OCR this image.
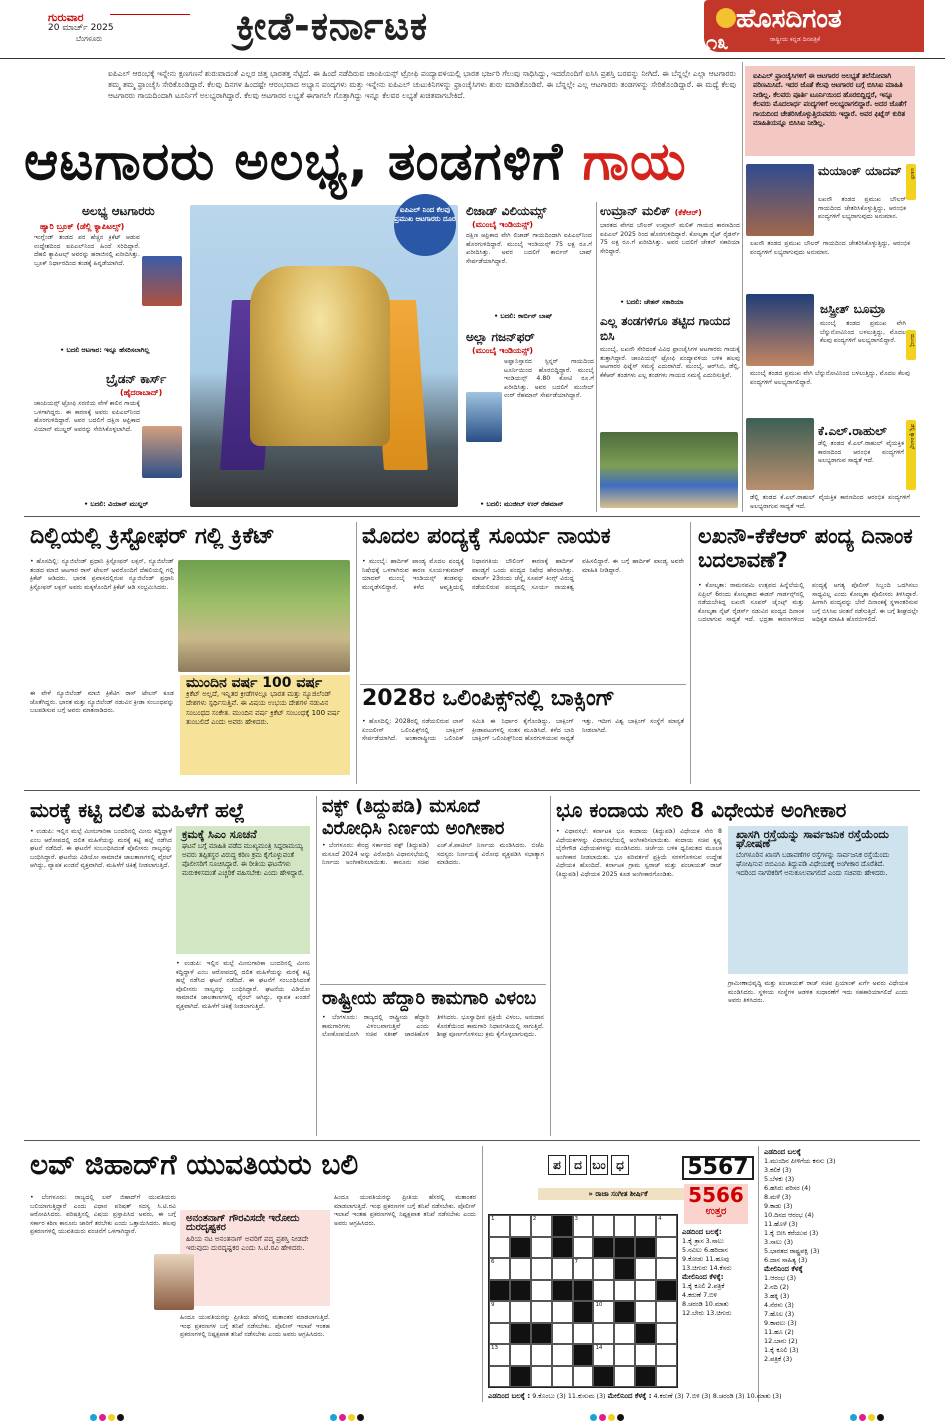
ಗುರುವಾರ
20 ಮಾರ್ಚ್ 2025
ಬೆಂಗಳೂರು	ಕ್ರೀಡೆ-ಕರ್ನಾಟಕ	ಹೊಸದಿಗಂತ
ರಾಷ್ಟ್ರೀಯ ಕನ್ನಡ ದಿನಪತ್ರಿಕೆ
೧೩
ಐಪಿಎಲ್ ಆರಂಭಕ್ಕೆ ಇನ್ನೇನು ಕ್ಷಣಗಣನೆ ಶುರುವಾದಂತೆ ಎಲ್ಲರ ಚಿತ್ತ ಭಾರತತ್ತ ನೆಟ್ಟಿದೆ. ಈ ಹಿಂದೆ ನಡೆದಿರುವ ಚಾಂಪಿಯನ್ಸ್ ಟ್ರೋಫಿ ಪಂದ್ಯಾವಳಿಯಲ್ಲಿ ಭಾರತ ಭರ್ಜರಿ ಗೆಲುವು ಸಾಧಿಸಿದ್ದು, ಇದರೊಂದಿಗೆ ಐಸಿಸಿ ಪ್ರಶಸ್ತಿ ಬರವನ್ನು ನೀಗಿದೆ. ಈ ಬೆನ್ನಲ್ಲೇ ಎಲ್ಲಾ ಆಟಗಾರರು ತಮ್ಮ ತಮ್ಮ ಫ್ರಾಂಚೈಸಿ ಸೇರಿಕೊಂಡಿದ್ದಾರೆ. ಕೆಲವು ದಿನಗಳ ಹಿಂದಷ್ಟೇ ಆರಂಭವಾದ ಅಭ್ಯಾಸ ಪಂದ್ಯಗಳು ಮತ್ತು ಇನ್ನೇನು ಐಪಿಎಲ್ ಚುಟುಕಿನಿಗಳನ್ನು ಫ್ರಾಂಚೈಸಿಗಳು ಶುರು ಮಾಡಿಕೊಂಡಿವೆ. ಈ ಬೆನ್ನಲ್ಲೇ ಎಲ್ಲ ಆಟಗಾರರು ತಂಡಗಳನ್ನು ಸೇರಿಕೊಂಡಿದ್ದಾರೆ. ಈ ಮಧ್ಯೆ ಕೆಲವು ಆಟಗಾರರು ಗಾಯದಿಂದಾಗಿ ಟೂರ್ನಿಗೆ ಅಲಭ್ಯರಾಗಿದ್ದಾರೆ. ಕೆಲವು ಆಟಗಾರರ ಲಭ್ಯತೆ ಈಗಾಗಲೇ ಗೊತ್ತಾಗಿದ್ದು ಇನ್ನೂ ಕೆಲವರ ಲಭ್ಯತೆ ಖಚಿತವಾಗಬೇಕಿದೆ.
ಐಪಿಎಲ್ ಫ್ರಾಂಚೈಸಿಗಳಿಗೆ ಈ ಆಟಗಾರರ ಅಲಭ್ಯತೆ ತಲೆನೋವಾಗಿ ಪರಿಣಮಿಸಿದೆ. ಇದರ ಜೊತೆ ಕೆಲವು ಆಟಗಾರರ ಬಗ್ಗೆ ಬಿಸಿಸಿಐ ಮಾಹಿತಿ ನೀಡಿಲ್ಲ. ಕೆಲವರು ಪೂರ್ತಿ ಟೂರ್ನಿಯಿಂದ ಹೊರಬಿದ್ದಿದ್ದರೆ, ಇನ್ನೂ ಕೆಲವರು ಮೊದಲಾರ್ಧ ಪಂದ್ಯಗಳಿಗೆ ಅಲಭ್ಯರಾಗಲಿದ್ದಾರೆ. ಅದರ ಜೊತೆಗೆ ಗಾಯದಿಂದ ಚೇತರಿಸಿಕೊಳ್ಳುತ್ತಿರುವವರು ಇದ್ದಾರೆ. ಅವರ ಫಿಟ್ನೆಸ್ ಕುರಿತ ಮಾಹಿತಿಯನ್ನೂ ಬಿಸಿಸಿಐ ನೀಡಿಲ್ಲ.
ಆಟಗಾರರು ಅಲಭ್ಯ, ತಂಡಗಳಿಗೆ ಗಾಯ
ಅಲಭ್ಯ ಆಟಗಾರರು
ಹ್ಯಾರಿ ಬ್ರೂಕ್ (ಡೆಲ್ಲಿ ಕ್ಯಾಪಿಟಲ್ಸ್)
ಇಂಗ್ಲೆಂಡ್ ತಂಡದ ಪರ ಹೆಚ್ಚಿನ ಕ್ರಿಕೆಟ್ ಆಡುವ ಉದ್ದೇಶದಿಂದ ಐಪಿಎಲ್‌ನಿಂದ ಹಿಂದೆ ಸರಿದಿದ್ದಾರೆ. ದೆಹಲಿ ಕ್ಯಾಪಿಟಲ್ಸ್ ಅವರನ್ನು ಹರಾಜಿನಲ್ಲಿ ಖರೀದಿಸಿತ್ತು. ಬ್ರೂಕ್ ನಿರ್ಧಾರದಿಂದ ತಂಡಕ್ಕೆ ಹಿನ್ನಡೆಯಾಗಿದೆ.
• ಬದಲಿ ಆಟಗಾರ: ಇನ್ನೂ ಹೆಸರಿಸಲಾಗಿಲ್ಲ
ಬ್ರೈಡನ್ ಕಾರ್ಸ್
(ಹೈದರಾಬಾದ್)
ಚಾಂಪಿಯನ್ಸ್ ಟ್ರೋಫಿ ಸರಣಿಯ ವೇಳೆ ಕಾಲಿನ ಗಾಯಕ್ಕೆ ಒಳಗಾಗಿದ್ದರು. ಈ ಕಾರಣಕ್ಕೆ ಅವರು ಐಪಿಎಲ್‌ನಿಂದ ಹೊರಗುಳಿದಿದ್ದಾರೆ. ಅವರ ಬದಲಿಗೆ ದಕ್ಷಿಣ ಆಫ್ರಿಕಾದ ವಿಯಾನ್ ಮುಲ್ಡರ್ ಅವರನ್ನು ಸೇರಿಸಿಕೊಳ್ಳಲಾಗಿದೆ.
• ಬದಲಿ: ವಿಯಾನ್ ಮುಲ್ಡರ್
ಐಪಿಎಲ್ ನಿಂದ ಕೆಲವು ಪ್ರಮುಖ ಆಟಗಾರರು ದೂರ
ಲಿಜಾಡ್ ವಿಲಿಯಮ್ಸ್
(ಮುಂಬೈ ಇಂಡಿಯನ್ಸ್)
ದಕ್ಷಿಣ ಆಫ್ರಿಕಾದ ವೇಗಿ ಲಿಜಾಡ್ ಗಾಯದಿಂದಾಗಿ ಐಪಿಎಲ್‌ನಿಂದ ಹೊರಗುಳಿದಿದ್ದಾರೆ. ಮುಂಬೈ ಇಂಡಿಯನ್ಸ್ 75 ಲಕ್ಷ ರೂ.ಗೆ ಖರೀದಿಸಿತ್ತು. ಅವರ ಬದಲಿಗೆ ಕಾರ್ಬಿನ್ ಬಾಷ್ ಸೇರ್ಪಡೆಯಾಗಿದ್ದಾರೆ.
• ಬದಲಿ: ಕಾರ್ಬಿನ್ ಬಾಷ್
ಅಲ್ಲಾ ಗಜನ್‌ಫರ್
(ಮುಂಬೈ ಇಂಡಿಯನ್ಸ್)
ಅಫ್ಘಾನಿಸ್ತಾನದ ಸ್ಪಿನ್ನರ್ ಗಾಯದಿಂದ ಟೂರ್ನಿಯಿಂದ ಹೊರಬಿದ್ದಿದ್ದಾರೆ. ಮುಂಬೈ ಇಂಡಿಯನ್ಸ್ 4.80 ಕೋಟಿ ರೂ.ಗೆ ಖರೀದಿಸಿತ್ತು. ಅವರ ಬದಲಿಗೆ ಮುಜೀಬ್ ಉರ್ ರೆಹಮಾನ್ ಸೇರ್ಪಡೆಯಾಗಿದ್ದಾರೆ.
• ಬದಲಿ: ಮುಜೀಬ್ ಉರ್ ರೆಹಮಾನ್
ಉಮ್ರಾನ್ ಮಲಿಕ್ (ಕೆಕೆಆರ್)
ಭಾರತದ ವೇಗದ ಬೌಲರ್ ಉಮ್ರಾನ್ ಮಲಿಕ್ ಗಾಯದ ಕಾರಣದಿಂದ ಐಪಿಎಲ್ 2025 ರಿಂದ ಹೊರಗುಳಿದಿದ್ದಾರೆ. ಕೋಲ್ಕತಾ ನೈಟ್ ರೈಡರ್ಸ್ 75 ಲಕ್ಷ ರೂ.ಗೆ ಖರೀದಿಸಿತ್ತು. ಅವರ ಬದಲಿಗೆ ಚೇತನ್ ಸಕಾರಿಯಾ ಸೇರಿದ್ದಾರೆ.
• ಬದಲಿ: ಚೇತನ್ ಸಕಾರಿಯಾ
ಎಲ್ಲ ತಂಡಗಳಿಗೂ ತಟ್ಟಿದ ಗಾಯದ ಬಿಸಿ
ಮುಂಬೈ, ಲಖನೌ ಸೇರಿದಂತೆ ವಿವಿಧ ಫ್ರಾಂಚೈಸಿಗಳ ಆಟಗಾರರು ಗಾಯಕ್ಕೆ ತುತ್ತಾಗಿದ್ದಾರೆ. ಚಾಂಪಿಯನ್ಸ್ ಟ್ರೋಫಿ ಪಂದ್ಯಾವಳಿಯ ಬಳಿಕ ಹಲವು ಆಟಗಾರರ ಫಿಟ್ನೆಸ್ ಸಮಸ್ಯೆ ಎದುರಾಗಿದೆ. ಮುಂಬೈ, ಆರ್‌ಸಿಬಿ, ಡೆಲ್ಲಿ, ಕೆಕೆಆರ್ ತಂಡಗಳು ಎಲ್ಲ ತಂಡಗಳು ಗಾಯದ ಸಮಸ್ಯೆ ಎದುರಿಸುತ್ತಿವೆ.
ಮಯಾಂಕ್ ಯಾದವ್	ಲಖನೌ
ಲಖನೌ ತಂಡದ ಪ್ರಮುಖ ಬೌಲರ್ ಗಾಯದಿಂದ ಚೇತರಿಸಿಕೊಳ್ಳುತ್ತಿದ್ದು, ಆರಂಭಿಕ ಪಂದ್ಯಗಳಿಗೆ ಲಭ್ಯರಾಗುವುದು ಅನುಮಾನ.
ಲಖನೌ ತಂಡದ ಪ್ರಮುಖ ಬೌಲರ್ ಗಾಯದಿಂದ ಚೇತರಿಸಿಕೊಳ್ಳುತ್ತಿದ್ದು, ಆರಂಭಿಕ ಪಂದ್ಯಗಳಿಗೆ ಲಭ್ಯರಾಗುವುದು ಅನುಮಾನ.
ಜಸ್ಪ್ರೀತ್ ಬೂಮ್ರಾ
ಮುಂಬೈ
ಮುಂಬೈ ತಂಡದ ಪ್ರಮುಖ ವೇಗಿ ಬೆನ್ನುನೋವಿನಿಂದ ಬಳಲುತ್ತಿದ್ದು, ಮೊದಲ ಕೆಲವು ಪಂದ್ಯಗಳಿಗೆ ಅಲಭ್ಯರಾಗಲಿದ್ದಾರೆ.
ಮುಂಬೈ ತಂಡದ ಪ್ರಮುಖ ವೇಗಿ ಬೆನ್ನುನೋವಿನಿಂದ ಬಳಲುತ್ತಿದ್ದು, ಮೊದಲ ಕೆಲವು ಪಂದ್ಯಗಳಿಗೆ ಅಲಭ್ಯರಾಗಲಿದ್ದಾರೆ.
ಕೆ.ಎಲ್.ರಾಹುಲ್	ಡೆಲ್ಲಿ ಕ್ಯಾಪಿಟಲ್ಸ್
ಡೆಲ್ಲಿ ತಂಡದ ಕೆ.ಎಲ್.ರಾಹುಲ್ ವೈಯಕ್ತಿಕ ಕಾರಣದಿಂದ ಆರಂಭಿಕ ಪಂದ್ಯಗಳಿಗೆ ಅಲಭ್ಯರಾಗುವ ಸಾಧ್ಯತೆ ಇದೆ.
ಡೆಲ್ಲಿ ತಂಡದ ಕೆ.ಎಲ್.ರಾಹುಲ್ ವೈಯಕ್ತಿಕ ಕಾರಣದಿಂದ ಆರಂಭಿಕ ಪಂದ್ಯಗಳಿಗೆ ಅಲಭ್ಯರಾಗುವ ಸಾಧ್ಯತೆ ಇದೆ.
ದಿಲ್ಲಿಯಲ್ಲಿ ಕ್ರಿಸ್ಟೋಫರ್ ಗಲ್ಲಿ ಕ್ರಿಕೆಟ್
• ಹೊಸದಿಲ್ಲಿ: ನ್ಯೂಜಿಲೆಂಡ್ ಪ್ರಧಾನಿ ಕ್ರಿಸ್ಟೋಫರ್ ಲಕ್ಸನ್, ನ್ಯೂಜಿಲೆಂಡ್ ತಂಡದ ಮಾಜಿ ಆಟಗಾರ ರಾಸ್ ಟೇಲರ್ ಅವರೊಂದಿಗೆ ದೆಹಲಿಯಲ್ಲಿ ಗಲ್ಲಿ ಕ್ರಿಕೆಟ್ ಆಡಿದರು. ಭಾರತ ಪ್ರವಾಸದಲ್ಲಿರುವ ನ್ಯೂಜಿಲೆಂಡ್ ಪ್ರಧಾನಿ ಕ್ರಿಸ್ಟೋಫರ್ ಲಕ್ಸನ್ ಅವರು ಮಕ್ಕಳೊಂದಿಗೆ ಕ್ರಿಕೆಟ್ ಆಡಿ ಸಂಭ್ರಮಿಸಿದರು.
ಮುಂದಿನ ವರ್ಷ 100 ವರ್ಷ
ಕ್ರಿಕೆಟ್ ಅಲ್ಲದೆ, ಇನ್ನಿತರ ಕ್ರೀಡೆಗಳಲ್ಲೂ ಭಾರತ ಮತ್ತು ನ್ಯೂಜಿಲೆಂಡ್ ದೇಶಗಳು ಸ್ಪರ್ಧಿಸುತ್ತಿವೆ. ಈ ವಿಷಯ ಉಭಯ ದೇಶಗಳ ನಡುವಿನ ಸಂಬಂಧದ ಸಂಕೇತ. ಮುಂದಿನ ವರ್ಷ ಕ್ರಿಕೆಟ್ ಸಂಬಂಧಕ್ಕೆ 100 ವರ್ಷ ತುಂಬಲಿದೆ ಎಂದು ಅವರು ಹೇಳಿದರು.
ಈ ವೇಳೆ ನ್ಯೂಜಿಲೆಂಡ್ ಮಾಜಿ ಕ್ರಿಕೆಟಿಗ ರಾಸ್ ಟೇಲರ್ ಕೂಡ ಜೊತೆಗಿದ್ದರು. ಭಾರತ ಮತ್ತು ನ್ಯೂಜಿಲೆಂಡ್ ನಡುವಿನ ಕ್ರೀಡಾ ಸಂಬಂಧವನ್ನು ಬಲಪಡಿಸುವ ಬಗ್ಗೆ ಅವರು ಮಾತನಾಡಿದರು.
ಮೊದಲ ಪಂದ್ಯಕ್ಕೆ ಸೂರ್ಯ ನಾಯಕ
• ಮುಂಬೈ: ಹಾರ್ದಿಕ್ ಪಾಂಡ್ಯ ಮೊದಲ ಪಂದ್ಯಕ್ಕೆ ನಿಷೇಧಕ್ಕೆ ಒಳಗಾಗಿರುವ ಕಾರಣ ಸೂರ್ಯಕುಮಾರ್ ಯಾದವ್ ಮುಂಬೈ ಇಂಡಿಯನ್ಸ್ ತಂಡವನ್ನು ಮುನ್ನಡೆಸಲಿದ್ದಾರೆ. ಕಳೆದ ಆವೃತ್ತಿಯಲ್ಲಿ ನಿಧಾನಗತಿಯ ಬೌಲಿಂಗ್ ಕಾರಣಕ್ಕೆ ಹಾರ್ದಿಕ್ ಪಾಂಡ್ಯಗೆ ಒಂದು ಪಂದ್ಯದ ನಿಷೇಧ ಹೇರಲಾಗಿತ್ತು. ಮಾರ್ಚ್ 23ರಂದು ಚೆನ್ನೈ ಸೂಪರ್ ಕಿಂಗ್ಸ್ ವಿರುದ್ಧ ನಡೆಯಲಿರುವ ಪಂದ್ಯದಲ್ಲಿ ಸೂರ್ಯ ನಾಯಕತ್ವ ವಹಿಸಲಿದ್ದಾರೆ. ಈ ಬಗ್ಗೆ ಹಾರ್ದಿಕ್ ಪಾಂಡ್ಯ ಅವರೇ ಮಾಹಿತಿ ನೀಡಿದ್ದಾರೆ.
2028ರ ಒಲಿಂಪಿಕ್ಸ್‌ನಲ್ಲಿ ಬಾಕ್ಸಿಂಗ್
• ಹೊಸದಿಲ್ಲಿ: 2028ರಲ್ಲಿ ನಡೆಯಲಿರುವ ಲಾಸ್ ಏಂಜಲೀಸ್ ಒಲಿಂಪಿಕ್ಸ್‌ನಲ್ಲಿ ಬಾಕ್ಸಿಂಗ್ ಸೇರ್ಪಡೆಯಾಗಿದೆ. ಅಂತಾರಾಷ್ಟ್ರೀಯ ಒಲಿಂಪಿಕ್ ಸಮಿತಿ ಈ ನಿರ್ಧಾರ ಕೈಗೊಂಡಿದ್ದು, ಬಾಕ್ಸಿಂಗ್ ಕ್ರೀಡಾಪಟುಗಳಲ್ಲಿ ಸಂತಸ ಮೂಡಿಸಿದೆ. ಕಳೆದ ಬಾರಿ ಬಾಕ್ಸಿಂಗ್ ಒಲಿಂಪಿಕ್ಸ್‌ನಿಂದ ಹೊರಗುಳಿಯುವ ಸಾಧ್ಯತೆ ಇತ್ತು. ಇದೀಗ ವಿಶ್ವ ಬಾಕ್ಸಿಂಗ್ ಸಂಸ್ಥೆಗೆ ಮಾನ್ಯತೆ ನೀಡಲಾಗಿದೆ.
ಲಖನೌ-ಕೆಕೆಆರ್ ಪಂದ್ಯ ದಿನಾಂಕ ಬದಲಾವಣೆ?
• ಕೋಲ್ಕತಾ: ರಾಮನವಮಿ ಉತ್ಸವದ ಹಿನ್ನೆಲೆಯಲ್ಲಿ ಏಪ್ರಿಲ್ 6ರಂದು ಕೋಲ್ಕತಾದ ಈಡನ್ ಗಾರ್ಡನ್ಸ್‌ನಲ್ಲಿ ನಡೆಯಬೇಕಿದ್ದ ಲಖನೌ ಸೂಪರ್ ಜೈಂಟ್ಸ್ ಮತ್ತು ಕೋಲ್ಕತಾ ನೈಟ್ ರೈಡರ್ಸ್ ನಡುವಿನ ಪಂದ್ಯದ ದಿನಾಂಕ ಬದಲಾಗುವ ಸಾಧ್ಯತೆ ಇದೆ. ಭದ್ರತಾ ಕಾರಣಗಳಿಂದ ಪಂದ್ಯಕ್ಕೆ ಅಗತ್ಯ ಪೊಲೀಸ್ ಸಿಬ್ಬಂದಿ ಒದಗಿಸಲು ಸಾಧ್ಯವಿಲ್ಲ ಎಂದು ಕೋಲ್ಕತಾ ಪೊಲೀಸರು ತಿಳಿಸಿದ್ದಾರೆ. ಹೀಗಾಗಿ ಪಂದ್ಯವನ್ನು ಬೇರೆ ದಿನಾಂಕಕ್ಕೆ ಸ್ಥಳಾಂತರಿಸುವ ಬಗ್ಗೆ ಬಿಸಿಸಿಐ ಚಿಂತನೆ ನಡೆಸುತ್ತಿದೆ. ಈ ಬಗ್ಗೆ ಶೀಘ್ರದಲ್ಲೇ ಅಧಿಕೃತ ಮಾಹಿತಿ ಹೊರಬೀಳಲಿದೆ.
ಮರಕ್ಕೆ ಕಟ್ಟಿ ದಲಿತ ಮಹಿಳೆಗೆ ಹಲ್ಲೆ
• ಉಡುಪಿ: ಇಲ್ಲಿನ ಮಲ್ಪೆ ಮೀನುಗಾರಿಕಾ ಬಂದರಿನಲ್ಲಿ ಮೀನು ಕದ್ದಿದ್ದಾಳೆ ಎಂಬ ಆರೋಪದಲ್ಲಿ ದಲಿತ ಮಹಿಳೆಯನ್ನು ಮರಕ್ಕೆ ಕಟ್ಟಿ ಹಲ್ಲೆ ನಡೆಸಿದ ಘಟನೆ ನಡೆದಿದೆ. ಈ ಘಟನೆಗೆ ಸಂಬಂಧಿಸಿದಂತೆ ಪೊಲೀಸರು ನಾಲ್ವರನ್ನು ಬಂಧಿಸಿದ್ದಾರೆ. ಘಟನೆಯ ವಿಡಿಯೋ ಸಾಮಾಜಿಕ ಜಾಲತಾಣಗಳಲ್ಲಿ ವೈರಲ್ ಆಗಿದ್ದು, ವ್ಯಾಪಕ ಖಂಡನೆ ವ್ಯಕ್ತವಾಗಿದೆ. ಮಹಿಳೆಗೆ ಚಿಕಿತ್ಸೆ ನೀಡಲಾಗುತ್ತಿದೆ.
ಕ್ರಮಕ್ಕೆ ಸಿಎಂ ಸೂಚನೆ
ಘಟನೆ ಬಗ್ಗೆ ಮಾಹಿತಿ ಪಡೆದ ಮುಖ್ಯಮಂತ್ರಿ ಸಿದ್ದರಾಮಯ್ಯ ಅವರು ತಪ್ಪಿತಸ್ಥರ ವಿರುದ್ಧ ಕಠಿಣ ಕ್ರಮ ಕೈಗೊಳ್ಳುವಂತೆ ಪೊಲೀಸರಿಗೆ ಸೂಚಿಸಿದ್ದಾರೆ. ಈ ರೀತಿಯ ಘಟನೆಗಳು ಮರುಕಳಿಸದಂತೆ ಎಚ್ಚರಿಕೆ ವಹಿಸಬೇಕು ಎಂದು ಹೇಳಿದ್ದಾರೆ.
• ಉಡುಪಿ: ಇಲ್ಲಿನ ಮಲ್ಪೆ ಮೀನುಗಾರಿಕಾ ಬಂದರಿನಲ್ಲಿ ಮೀನು ಕದ್ದಿದ್ದಾಳೆ ಎಂಬ ಆರೋಪದಲ್ಲಿ ದಲಿತ ಮಹಿಳೆಯನ್ನು ಮರಕ್ಕೆ ಕಟ್ಟಿ ಹಲ್ಲೆ ನಡೆಸಿದ ಘಟನೆ ನಡೆದಿದೆ. ಈ ಘಟನೆಗೆ ಸಂಬಂಧಿಸಿದಂತೆ ಪೊಲೀಸರು ನಾಲ್ವರನ್ನು ಬಂಧಿಸಿದ್ದಾರೆ. ಘಟನೆಯ ವಿಡಿಯೋ ಸಾಮಾಜಿಕ ಜಾಲತಾಣಗಳಲ್ಲಿ ವೈರಲ್ ಆಗಿದ್ದು, ವ್ಯಾಪಕ ಖಂಡನೆ ವ್ಯಕ್ತವಾಗಿದೆ. ಮಹಿಳೆಗೆ ಚಿಕಿತ್ಸೆ ನೀಡಲಾಗುತ್ತಿದೆ.
ವಕ್ಫ್ (ತಿದ್ದುಪಡಿ) ಮಸೂದೆ ವಿರೋಧಿಸಿ ನಿರ್ಣಯ ಅಂಗೀಕಾರ
• ಬೆಂಗಳೂರು: ಕೇಂದ್ರ ಸರ್ಕಾರದ ವಕ್ಫ್ (ತಿದ್ದುಪಡಿ) ಮಸೂದೆ 2024 ಅನ್ನು ವಿರೋಧಿಸಿ ವಿಧಾನಸಭೆಯಲ್ಲಿ ನಿರ್ಣಯ ಅಂಗೀಕರಿಸಲಾಯಿತು. ಕಾನೂನು ಸಚಿವ ಎಚ್.ಕೆ.ಪಾಟೀಲ್ ನಿರ್ಣಯ ಮಂಡಿಸಿದರು. ಬಿಜೆಪಿ ಸದಸ್ಯರು ನಿರ್ಣಯಕ್ಕೆ ವಿರೋಧ ವ್ಯಕ್ತಪಡಿಸಿ ಸಭಾತ್ಯಾಗ ಮಾಡಿದರು.
ರಾಷ್ಟ್ರೀಯ ಹೆದ್ದಾರಿ ಕಾಮಗಾರಿ ವಿಳಂಬ
• ಬೆಂಗಳೂರು: ರಾಜ್ಯದಲ್ಲಿ ರಾಷ್ಟ್ರೀಯ ಹೆದ್ದಾರಿ ಕಾಮಗಾರಿಗಳು ವಿಳಂಬವಾಗುತ್ತಿವೆ ಎಂದು ಲೋಕೋಪಯೋಗಿ ಸಚಿವ ಸತೀಶ್ ಜಾರಕಿಹೊಳಿ ತಿಳಿಸಿದರು. ಭೂಸ್ವಾಧೀನ ಪ್ರಕ್ರಿಯೆ ವಿಳಂಬ, ಅನುದಾನ ಕೊರತೆಯಿಂದ ಕಾಮಗಾರಿ ನಿಧಾನಗತಿಯಲ್ಲಿ ಸಾಗುತ್ತಿದೆ. ಶೀಘ್ರ ಪೂರ್ಣಗೊಳಿಸಲು ಕ್ರಮ ಕೈಗೊಳ್ಳಲಾಗುವುದು.
ಭೂ ಕಂದಾಯ ಸೇರಿ 8 ವಿಧೇಯಕ ಅಂಗೀಕಾರ
• ವಿಧಾನಸಭೆ: ಕರ್ನಾಟಕ ಭೂ ಕಂದಾಯ (ತಿದ್ದುಪಡಿ) ವಿಧೇಯಕ ಸೇರಿ 8 ವಿಧೇಯಕಗಳನ್ನು ವಿಧಾನಸಭೆಯಲ್ಲಿ ಅಂಗೀಕರಿಸಲಾಯಿತು. ಕಂದಾಯ ಸಚಿವ ಕೃಷ್ಣ ಬೈರೇಗೌಡ ವಿಧೇಯಕಗಳನ್ನು ಮಂಡಿಸಿದರು. ಚರ್ಚೆಯ ಬಳಿಕ ಧ್ವನಿಮತದ ಮೂಲಕ ಅಂಗೀಕಾರ ನೀಡಲಾಯಿತು. ಭೂ ಪರಿವರ್ತನೆ ಪ್ರಕ್ರಿಯೆ ಸರಳಗೊಳಿಸುವ ಉದ್ದೇಶ ವಿಧೇಯಕ ಹೊಂದಿದೆ. ಕರ್ನಾಟಕ ಗ್ರಾಮ ಸ್ವರಾಜ್ ಮತ್ತು ಪಂಚಾಯತ್ ರಾಜ್ (ತಿದ್ದುಪಡಿ) ವಿಧೇಯಕ 2025 ಕೂಡ ಅಂಗೀಕಾರಗೊಂಡಿತು.
ಖಾಸಗಿ ರಸ್ತೆಯನ್ನು ಸಾರ್ವಜನಿಕ ರಸ್ತೆಯೆಂದು ಘೋಷಣೆ
ಬೆಂಗಳೂರಿನ ಖಾಸಗಿ ಬಡಾವಣೆಗಳ ರಸ್ತೆಗಳನ್ನು ಸಾರ್ವಜನಿಕ ರಸ್ತೆಯೆಂದು ಘೋಷಿಸುವ ಬಿಬಿಎಂಪಿ ತಿದ್ದುಪಡಿ ವಿಧೇಯಕಕ್ಕೆ ಅಂಗೀಕಾರ ದೊರೆತಿದೆ. ಇದರಿಂದ ನಾಗರಿಕರಿಗೆ ಅನುಕೂಲವಾಗಲಿದೆ ಎಂದು ಸಚಿವರು ಹೇಳಿದರು.
ಗ್ರಾಮೀಣಾಭಿವೃದ್ಧಿ ಮತ್ತು ಪಂಚಾಯತ್ ರಾಜ್ ಸಚಿವ ಪ್ರಿಯಾಂಕ್ ಖರ್ಗೆ ಅವರು ವಿಧೇಯಕ ಮಂಡಿಸಿದರು. ಸ್ಥಳೀಯ ಸಂಸ್ಥೆಗಳ ಆಡಳಿತ ಸುಧಾರಣೆಗೆ ಇದು ಸಹಕಾರಿಯಾಗಲಿದೆ ಎಂದು ಅವರು ತಿಳಿಸಿದರು.
ಲವ್ ಜಿಹಾದ್‌ಗೆ ಯುವತಿಯರು ಬಲಿ
• ಬೆಂಗಳೂರು: ರಾಜ್ಯದಲ್ಲಿ ಲವ್ ಜಿಹಾದ್‌ಗೆ ಯುವತಿಯರು ಬಲಿಯಾಗುತ್ತಿದ್ದಾರೆ ಎಂದು ವಿಧಾನ ಪರಿಷತ್ ಸದಸ್ಯ ಸಿ.ಟಿ.ರವಿ ಆರೋಪಿಸಿದರು. ಪರಿಷತ್ತಿನಲ್ಲಿ ವಿಷಯ ಪ್ರಸ್ತಾಪಿಸಿದ ಅವರು, ಈ ಬಗ್ಗೆ ಸರ್ಕಾರ ಕಠಿಣ ಕಾನೂನು ಜಾರಿಗೆ ತರಬೇಕು ಎಂದು ಒತ್ತಾಯಿಸಿದರು. ಹಲವು ಪ್ರಕರಣಗಳಲ್ಲಿ ಯುವತಿಯರು ವಂಚನೆಗೆ ಒಳಗಾಗಿದ್ದಾರೆ.
ಅನಂತನಾಗ್‌ ಗೌರವಿಸದೇ ಇರೋದು ದುರದೃಷ್ಟಕರ
ಹಿರಿಯ ನಟ ಅನಂತನಾಗ್ ಅವರಿಗೆ ಪದ್ಮ ಪ್ರಶಸ್ತಿ ನೀಡದೇ ಇರುವುದು ದುರದೃಷ್ಟಕರ ಎಂದು ಸಿ.ಟಿ.ರವಿ ಹೇಳಿದರು.
ಹಿಂದೂ ಯುವತಿಯರನ್ನು ಪ್ರೀತಿಯ ಹೆಸರಲ್ಲಿ ಮತಾಂತರ ಮಾಡಲಾಗುತ್ತಿದೆ. ಇಂಥ ಪ್ರಕರಣಗಳ ಬಗ್ಗೆ ತನಿಖೆ ನಡೆಸಬೇಕು. ಪೊಲೀಸ್ ಇಲಾಖೆ ಇಂತಹ ಪ್ರಕರಣಗಳಲ್ಲಿ ನಿಷ್ಪಕ್ಷಪಾತ ತನಿಖೆ ನಡೆಸಬೇಕು ಎಂದು ಅವರು ಆಗ್ರಹಿಸಿದರು.
ಹಿಂದೂ ಯುವತಿಯರನ್ನು ಪ್ರೀತಿಯ ಹೆಸರಲ್ಲಿ ಮತಾಂತರ ಮಾಡಲಾಗುತ್ತಿದೆ. ಇಂಥ ಪ್ರಕರಣಗಳ ಬಗ್ಗೆ ತನಿಖೆ ನಡೆಸಬೇಕು. ಪೊಲೀಸ್ ಇಲಾಖೆ ಇಂತಹ ಪ್ರಕರಣಗಳಲ್ಲಿ ನಿಷ್ಪಕ್ಷಪಾತ ತನಿಖೆ ನಡೆಸಬೇಕು ಎಂದು ಅವರು ಆಗ್ರಹಿಸಿದರು.
ಪ ದ ಬಂ ಧ
» ರಾಜಾ ಸಂಗೀತ ಶೀರ್ಷಿಕೆ
5567
5566
ಉತ್ತರ
1	2	3	4
6	7
9	10
13	14
ಎಡದಿಂದ ಬಲಕ್ಕೆ:
1.ಕೈ ತ್ರಾಸ 3.ಸಾಲು
5.ನವಿಲು 6.ಹರಿದಾಸ
9.ಕೋಡು 11.ಹೂವು
13.ಚಿಗುರು 14.ಕೆಸರು
ಮೇಲಿನಿಂದ ಕೆಳಕ್ಕೆ:
1.ಕೈ ಕೂಲಿ 2.ಪತ್ರಿಕೆ
4.ಕರುಣೆ 7.ಬಿಳಿ
8.ಚರಂಡಿ 10.ಮಾತು
12.ಬೇರು 13.ಚಿಗುರು
ಎಡದಿಂದ ಬಲಕ್ಕೆ
1.ಮುಂದಿನ ಪೀಳಿಗೆಯ ಕನಸು (3)
3.ಕಲಿಕೆ (3)
5.ಬೆಳಕು (3)
6.ಹಸಿರು ಪರಿಸರ (4)
8.ಮಳೆ (3)
9.ಕಾಡು (3)
10.ದಿನದ ಆರಂಭ (4)
11.ಹೊಳೆ (3)
1.ಕೈ ಬೀಸಿ ಕರೆಯುವ (3)
3.ಸಾಲು (3)
5.ಭಾರತದ ರಾಷ್ಟ್ರಪಕ್ಷಿ (3)
6.ದಾಸ ಸಾಹಿತ್ಯ (3)
ಮೇಲಿನಿಂದ ಕೆಳಕ್ಕೆ
1.ಆರಂಭ (3)
2.ನದಿ (2)
3.ಹಕ್ಕಿ (3)
4.ನೆರಳು (3)
7.ಹೊಲ (3)
9.ಕಾವಲು (3)
11.ಹೂ (2)
12.ಬಾನು (2)
1.ಕೈ ಕೂಲಿ (3)
2.ಪತ್ರಿಕೆ (3)
ಎಡದಿಂದ ಬಲಕ್ಕೆ : 9.ಕೊಂಬು (3) 11.ಕುಸುಮ (3) ಮೇಲಿನಿಂದ ಕೆಳಕ್ಕೆ : 4.ಕರುಣೆ (3) 7.ಬಿಳಿ (3) 8.ಚರಂಡಿ (3) 10.ಮಾತು (3)
